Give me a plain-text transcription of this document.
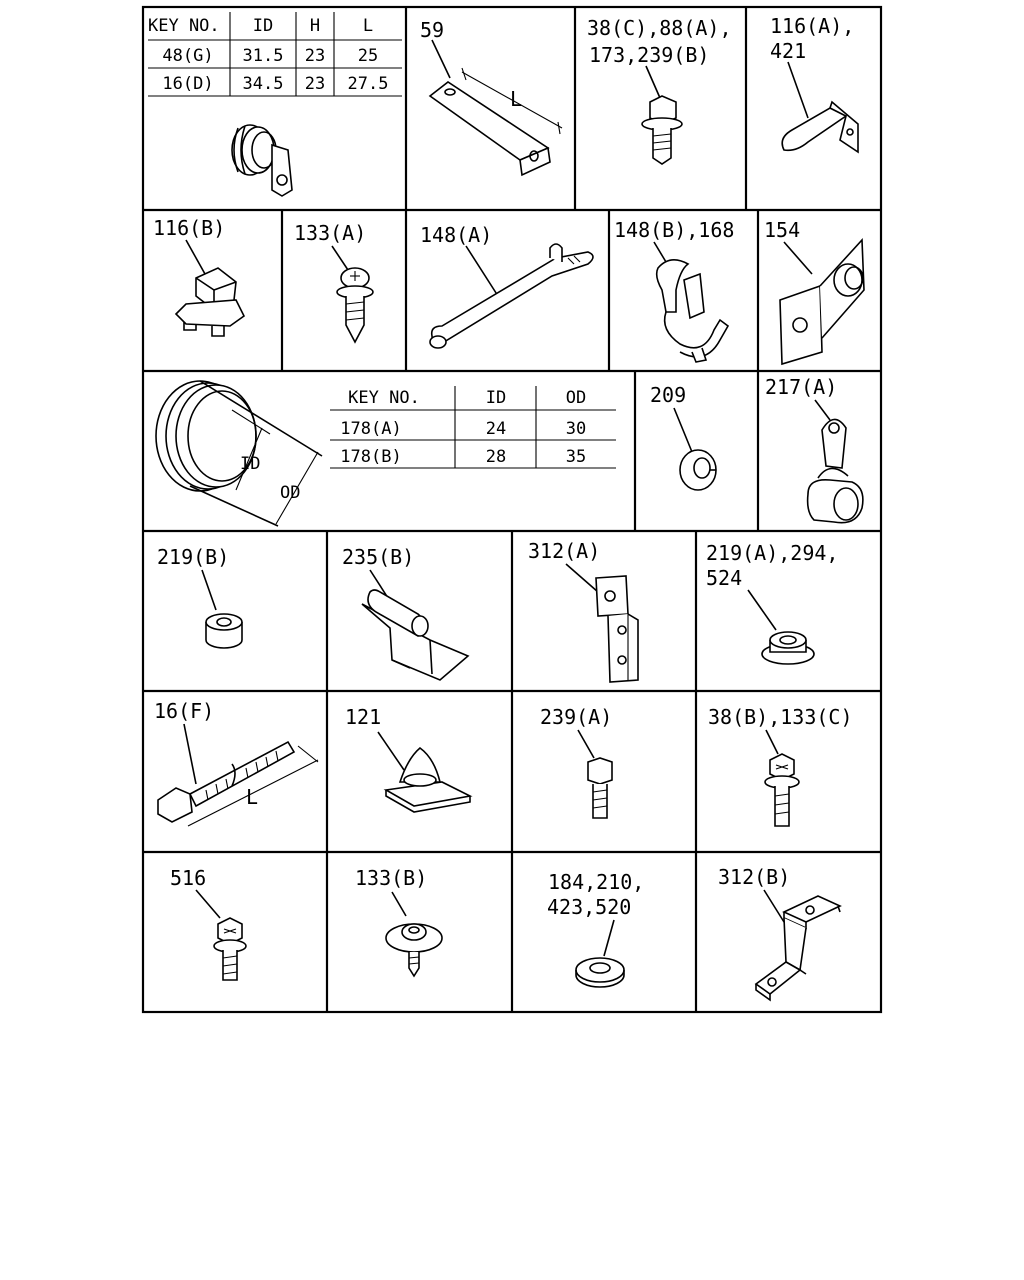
KEY NO. ID H	L
48(G) 31.5 23 25
16(D) 34.5 23 27.5
59
L
38(C),88(A),
173,239(B)
116(A),
421
116(B)	133(A)	148(A)	148(B),168 154
ID
OD
KEY NO.	ID	OD
178(A)	24	30
178(B)	28	35
209	217(A)
219(B)	235(B)	312(A)	219(A),294,
524
16(F)
L
121	239(A)	38(B),133(C)
516	133(B)	184,210,
423,520
312(B)
